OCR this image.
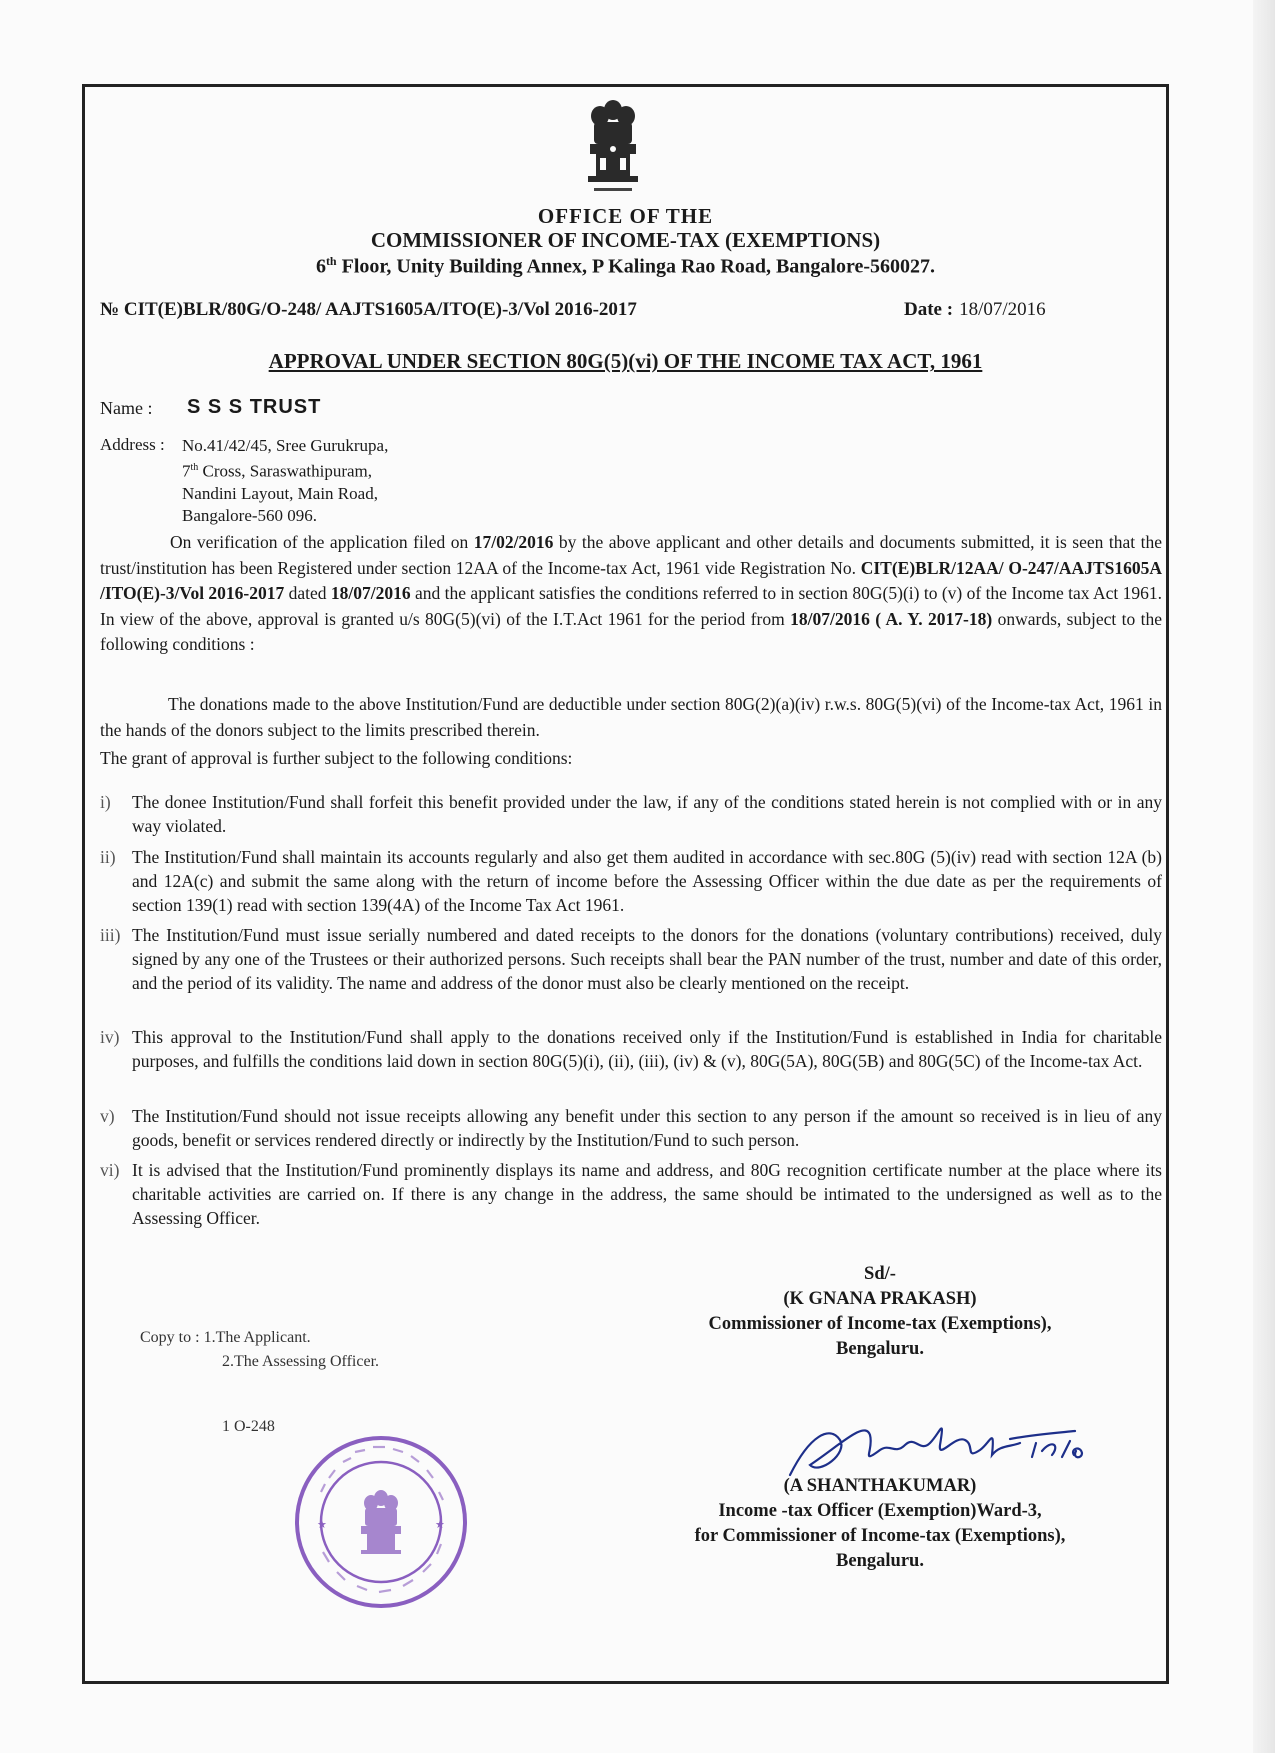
OFFICE OF THE
COMMISSIONER OF INCOME-TAX (EXEMPTIONS)
6th Floor, Unity Building Annex, P Kalinga Rao Road, Bangalore-560027.
№ CIT(E)BLR/80G/O-248/ AAJTS1605A/ITO(E)-3/Vol 2016-2017	Date : 18/07/2016
APPROVAL UNDER SECTION 80G(5)(vi) OF THE INCOME TAX ACT, 1961
Name : S S S TRUST
Address : No.41/42/45, Sree Gurukrupa,
7th Cross, Saraswathipuram,
Nandini Layout, Main Road,
Bangalore-560 096.
On verification of the application filed on 17/02/2016 by the above applicant and other details and documents submitted, it is seen that the trust/institution has been Registered under section 12AA of the Income-tax Act, 1961 vide Registration No. CIT(E)BLR/12AA/ O-247/AAJTS1605A /ITO(E)-3/Vol 2016-2017 dated 18/07/2016 and the applicant satisfies the conditions referred to in section 80G(5)(i) to (v) of the Income tax Act 1961. In view of the above, approval is granted u/s 80G(5)(vi) of the I.T.Act 1961 for the period from 18/07/2016 ( A. Y. 2017-18) onwards, subject to the following conditions :
The donations made to the above Institution/Fund are deductible under section 80G(2)(a)(iv) r.w.s. 80G(5)(vi) of the Income-tax Act, 1961 in the hands of the donors subject to the limits prescribed therein.
The grant of approval is further subject to the following conditions:
i)	The donee Institution/Fund shall forfeit this benefit provided under the law, if any of the conditions stated herein is not complied with or in any way violated.
ii) The Institution/Fund shall maintain its accounts regularly and also get them audited in accordance with sec.80G (5)(iv) read with section 12A (b) and 12A(c) and submit the same along with the return of income before the Assessing Officer within the due date as per the requirements of section 139(1) read with section 139(4A) of the Income Tax Act 1961.
iii) The Institution/Fund must issue serially numbered and dated receipts to the donors for the donations (voluntary contributions) received, duly signed by any one of the Trustees or their authorized persons. Such receipts shall bear the PAN number of the trust, number and date of this order, and the period of its validity. The name and address of the donor must also be clearly mentioned on the receipt.
iv) This approval to the Institution/Fund shall apply to the donations received only if the Institution/Fund is established in India for charitable purposes, and fulfills the conditions laid down in section 80G(5)(i), (ii), (iii), (iv) & (v), 80G(5A), 80G(5B) and 80G(5C) of the Income-tax Act.
v) The Institution/Fund should not issue receipts allowing any benefit under this section to any person if the amount so received is in lieu of any goods, benefit or services rendered directly or indirectly by the Institution/Fund to such person.
vi) It is advised that the Institution/Fund prominently displays its name and address, and 80G recognition certificate number at the place where its charitable activities are carried on. If there is any change in the address, the same should be intimated to the undersigned as well as to the Assessing Officer.
Sd/-
(K GNANA PRAKASH)
Commissioner of Income-tax (Exemptions),
Bengaluru.
Copy to : 1.The Applicant.
2.The Assessing Officer.
1 O-248
★	★
(A SHANTHAKUMAR)
Income -tax Officer (Exemption)Ward-3,
for Commissioner of Income-tax (Exemptions),
Bengaluru.
